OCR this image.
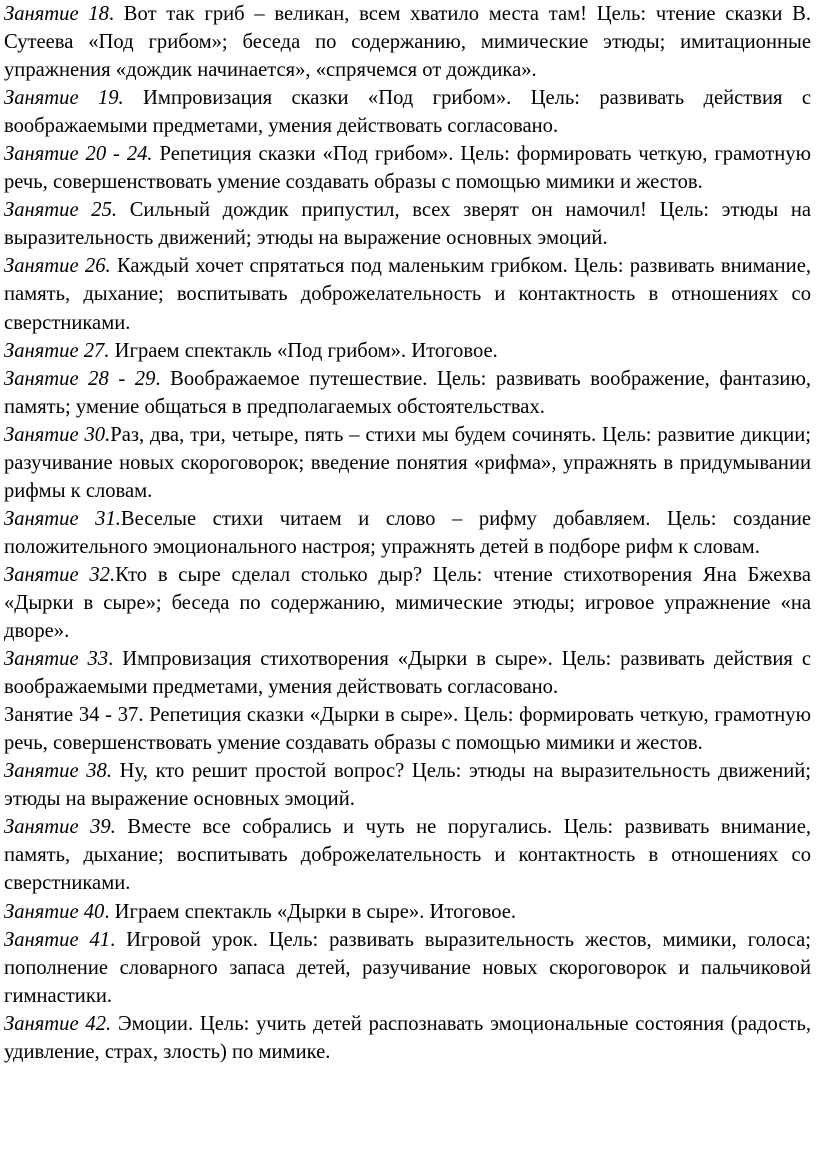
Занятие 18. Вот так гриб – великан, всем хватило места там! Цель: чтение сказки В. Сутеева «Под грибом»; беседа по содержанию, мимические этюды; имитационные упражнения «дождик начинается», «спрячемся от дождика».

Занятие 19. Импровизация сказки «Под грибом». Цель: развивать действия с воображаемыми предметами, умения действовать согласовано.

Занятие 20 - 24. Репетиция сказки «Под грибом». Цель: формировать четкую, грамотную речь, совершенствовать умение создавать образы с помощью мимики и жестов.

Занятие 25. Сильный дождик припустил, всех зверят он намочил! Цель: этюды на выразительность движений; этюды на выражение основных эмоций.

Занятие 26. Каждый хочет спрятаться под маленьким грибком. Цель: развивать внимание, память, дыхание; воспитывать доброжелательность и контактность в отношениях со сверстниками.

Занятие 27. Играем спектакль «Под грибом». Итоговое.

Занятие 28 - 29. Воображаемое путешествие. Цель: развивать воображение, фантазию, память; умение общаться в предполагаемых обстоятельствах.

Занятие 30.Раз, два, три, четыре, пять – стихи мы будем сочинять. Цель: развитие дикции; разучивание новых скороговорок; введение понятия «рифма», упражнять в придумывании рифмы к словам.

Занятие 31.Веселые стихи читаем и слово – рифму добавляем. Цель: создание положительного эмоционального настроя; упражнять детей в подборе рифм к словам.

Занятие 32.Кто в сыре сделал столько дыр? Цель: чтение стихотворения Яна Бжехва «Дырки в сыре»; беседа по содержанию, мимические этюды; игровое упражнение «на дворе».

Занятие 33. Импровизация стихотворения «Дырки в сыре». Цель: развивать действия с воображаемыми предметами, умения действовать согласовано.

Занятие 34 - 37. Репетиция сказки «Дырки в сыре». Цель: формировать четкую, грамотную речь, совершенствовать умение создавать образы с помощью мимики и жестов.

Занятие 38. Ну, кто решит простой вопрос? Цель: этюды на выразительность движений; этюды на выражение основных эмоций.

Занятие 39. Вместе все собрались и чуть не поругались. Цель: развивать внимание, память, дыхание; воспитывать доброжелательность и контактность в отношениях со сверстниками.

Занятие 40. Играем спектакль «Дырки в сыре». Итоговое.

Занятие 41. Игровой урок. Цель: развивать выразительность жестов, мимики, голоса; пополнение словарного запаса детей, разучивание новых скороговорок и пальчиковой гимнастики.

Занятие 42. Эмоции. Цель: учить детей распознавать эмоциональные состояния (радость, удивление, страх, злость) по мимике.
